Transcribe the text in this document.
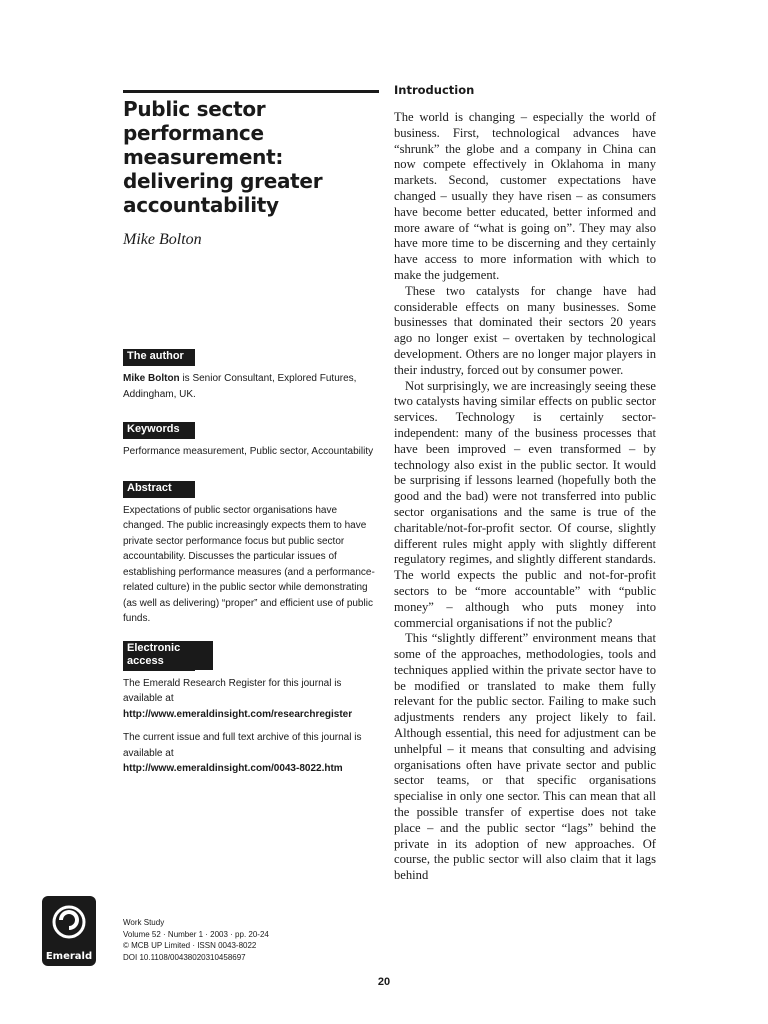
Public sector performance measurement: delivering greater accountability
Mike Bolton
The author

Mike Bolton is Senior Consultant, Explored Futures, Addingham, UK.

Keywords

Performance measurement, Public sector, Accountability

Abstract

Expectations of public sector organisations have changed. The public increasingly expects them to have private sector performance focus but public sector accountability. Discusses the particular issues of establishing performance measures (and a performance-related culture) in the public sector while demonstrating (as well as delivering) “proper” and efficient use of public funds.

Electronic access

The Emerald Research Register for this journal is available at

http://www.emeraldinsight.com/researchregister

The current issue and full text archive of this journal is available at

http://www.emeraldinsight.com/0043-8022.htm

Emerald
Work Study
Volume 52 · Number 1 · 2003 · pp. 20-24
© MCB UP Limited · ISSN 0043-8022
DOI 10.1108/00438020310458697
Introduction

The world is changing – especially the world of business. First, technological advances have “shrunk” the globe and a company in China can now compete effectively in Oklahoma in many markets. Second, customer expectations have changed – usually they have risen – as consumers have become better educated, better informed and more aware of “what is going on”. They may also have more time to be discerning and they certainly have access to more information with which to make the judgement.

These two catalysts for change have had considerable effects on many businesses. Some businesses that dominated their sectors 20 years ago no longer exist – overtaken by technological development. Others are no longer major players in their industry, forced out by consumer power.

Not surprisingly, we are increasingly seeing these two catalysts having similar effects on public sector services. Technology is certainly sector-independent: many of the business processes that have been improved – even transformed – by technology also exist in the public sector. It would be surprising if lessons learned (hopefully both the good and the bad) were not transferred into public sector organisations and the same is true of the charitable/not-for-profit sector. Of course, slightly different rules might apply with slightly different regulatory regimes, and slightly different standards. The world expects the public and not-for-profit sectors to be “more accountable” with “public money” – although who puts money into commercial organisations if not the public?

This “slightly different” environment means that some of the approaches, methodologies, tools and techniques applied within the private sector have to be modified or translated to make them fully relevant for the public sector. Failing to make such adjustments renders any project likely to fail. Although essential, this need for adjustment can be unhelpful – it means that consulting and advising organisations often have private sector and public sector teams, or that specific organisations specialise in only one sector. This can mean that all the possible transfer of expertise does not take place – and the public sector “lags” behind the private in its adoption of new approaches. Of course, the public sector will also claim that it lags behind

20
